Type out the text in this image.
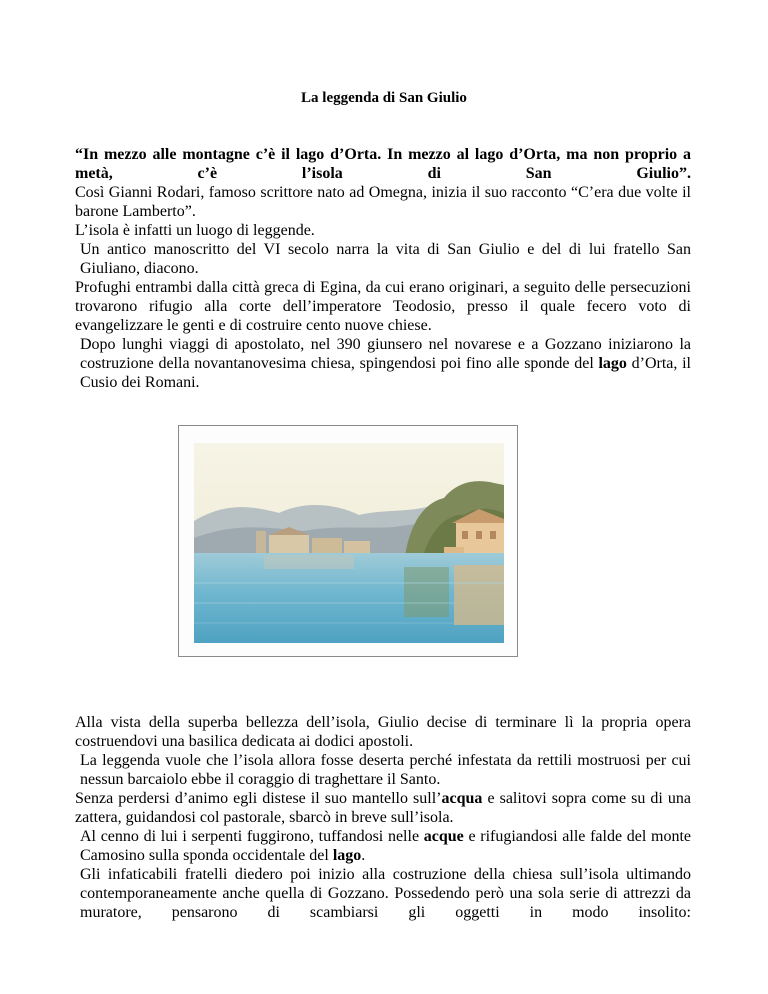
La leggenda di San Giulio

“In mezzo alle montagne c’è il lago d’Orta. In mezzo al lago d’Orta, ma non proprio a metà, c’è l’isola di San Giulio”.

Così Gianni Rodari, famoso scrittore nato ad Omegna, inizia il suo racconto “C’era due volte il barone Lamberto”.

L’isola è infatti un luogo di leggende.

Un antico manoscritto del VI secolo narra la vita di San Giulio e del di lui fratello San Giuliano, diacono.

Profughi entrambi dalla città greca di Egina, da cui erano originari, a seguito delle persecuzioni trovarono rifugio alla corte dell’imperatore Teodosio, presso il quale fecero voto di evangelizzare le genti e di costruire cento nuove chiese.

Dopo lunghi viaggi di apostolato, nel 390 giunsero nel novarese e a Gozzano iniziarono la costruzione della novantanovesima chiesa, spingendosi poi fino alle sponde del lago d’Orta, il Cusio dei Romani.

Alla vista della superba bellezza dell’isola, Giulio decise di terminare lì la propria opera costruendovi una basilica dedicata ai dodici apostoli.

La leggenda vuole che l’isola allora fosse deserta perché infestata da rettili mostruosi per cui nessun barcaiolo ebbe il coraggio di traghettare il Santo.

Senza perdersi d’animo egli distese il suo mantello sull’acqua e salitovi sopra come su di una zattera, guidandosi col pastorale, sbarcò in breve sull’isola.

Al cenno di lui i serpenti fuggirono, tuffandosi nelle acque e rifugiandosi alle falde del monte Camosino sulla sponda occidentale del lago.

Gli infaticabili fratelli diedero poi inizio alla costruzione della chiesa sull’isola ultimando contemporaneamente anche quella di Gozzano. Possedendo però una sola serie di attrezzi da muratore, pensarono di scambiarsi gli oggetti in modo insolito:
